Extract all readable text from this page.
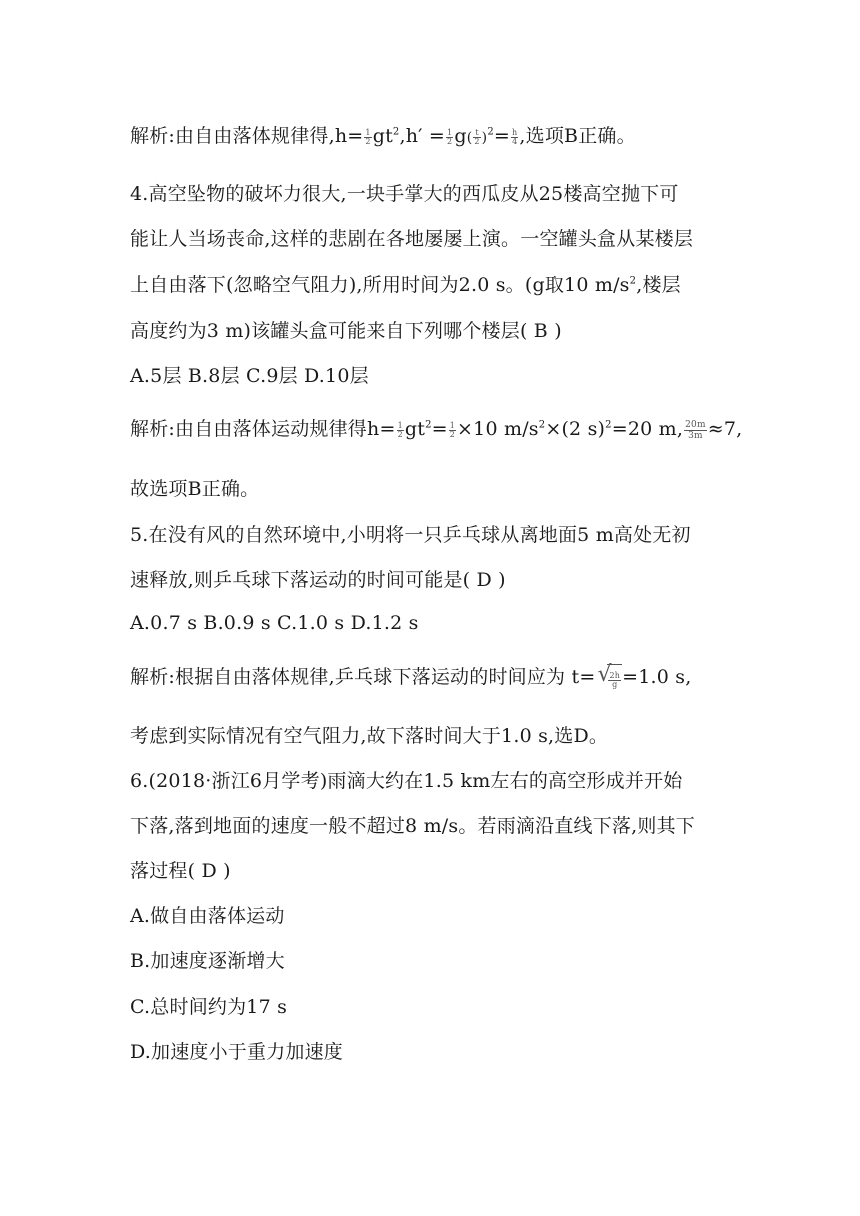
解析:由自由落体规律得$,h= \frac{1}{2} gt^2,h' = \frac{1}{2} g( \frac{t}{2} )^2= \frac{h}{4}$ ,选项B正确。
4.高空坠物的破坏力很大,一块手掌大的西瓜皮从25楼高空抛下可
能让人当场丧命,这样的悲剧在各地屡屡上演。一空罐头盒从某楼层
上自由落下(忽略空气阻力),所用时间为2.0 s。(g取10 $m/s^2$,楼层
高度约为3 m)该罐头盒可能来自下列哪个楼层( B )
A.5层 B.8层 C.9层 D.10层
解析:由自由落体运动规律得$h= \frac{1}{2} gt^2= \frac{1}{2} \times 10$ $m/s^2\times(2$ s)$^2$=20 m, $\frac{20m}{3m} \approx 7$,
故选项B正确。
5.在没有风的自然环境中,小明将一只乒乓球从离地面5 m高处无初
速释放,则乒乓球下落运动的时间可能是( D )
A.0.7 s B.0.9 s C.1.0 s D.1.2 s
解析:根据自由落体规律,乒乓球下落运动的时间应为 t= √
$\frac{2h}{g} =1.0$ s,
考虑到实际情况有空气阻力,故下落时间大于1.0 s,选D。
6.(2018·浙江6月学考)雨滴大约在1.5 km左右的高空形成并开始
下落,落到地面的速度一般不超过8 m/s。若雨滴沿直线下落,则其下
落过程( D )
A.做自由落体运动
B.加速度逐渐增大
C.总时间约为17 s
D.加速度小于重力加速度
